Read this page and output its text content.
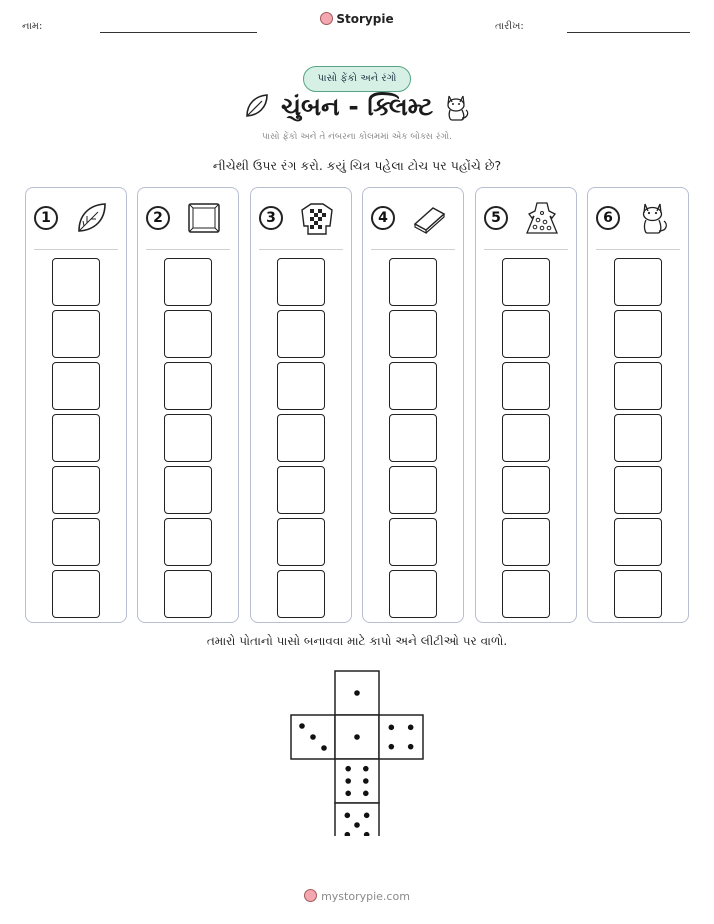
નામ:
Storypie
તારીખ:
પાસો ફેંકો અને રંગો
ચુંબન - ક્લિમ્ટ
પાસો ફેંકો અને તે નંબરના કોલમમાં એક બોક્સ રંગો.
નીચેથી ઉપર રંગ કરો. કયું ચિત્ર પહેલા ટોચ પર પહોંચે છે?
1	2	3	4	5	6
તમારો પોતાનો પાસો બનાવવા માટે કાપો અને લીટીઓ પર વાળો.
mystorypie.com
